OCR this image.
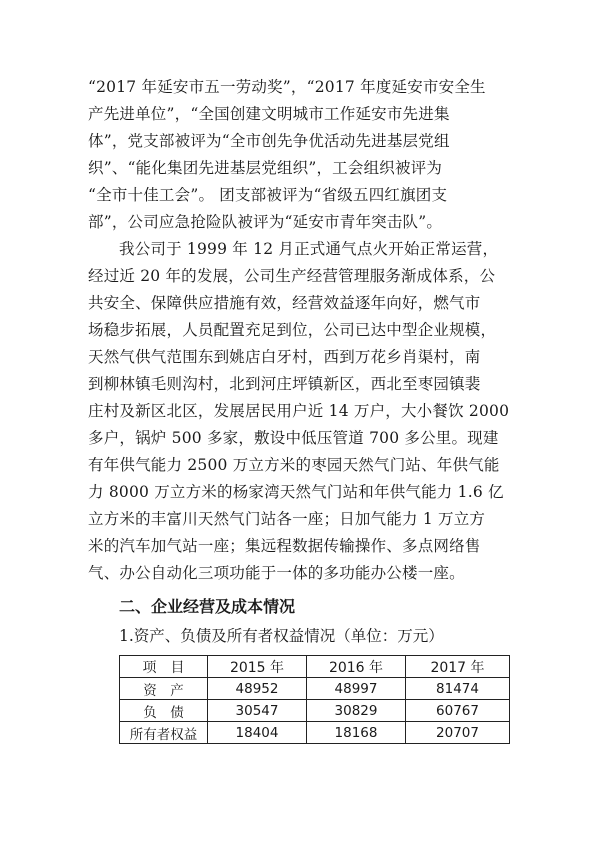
“2017 年延安市五一劳动奖”，“2017 年度延安市安全生
产先进单位”，“全国创建文明城市工作延安市先进集
体”，党支部被评为“全市创先争优活动先进基层党组
织”、“能化集团先进基层党组织”，工会组织被评为
“全市十佳工会”。 团支部被评为“省级五四红旗团支
部”，公司应急抢险队被评为“延安市青年突击队”。
我公司于 1999 年 12 月正式通气点火开始正常运营，
经过近 20 年的发展，公司生产经营管理服务渐成体系，公
共安全、保障供应措施有效，经营效益逐年向好，燃气市
场稳步拓展，人员配置充足到位，公司已达中型企业规模，
天然气供气范围东到姚店白牙村，西到万花乡肖渠村，南
到柳林镇毛则沟村，北到河庄坪镇新区，西北至枣园镇裴
庄村及新区北区，发展居民用户近 14 万户，大小餐饮 2000
多户，锅炉 500 多家，敷设中低压管道 700 多公里。现建
有年供气能力 2500 万立方米的枣园天然气门站、年供气能
力 8000 万立方米的杨家湾天然气门站和年供气能力 1.6 亿
立方米的丰富川天然气门站各一座；日加气能力 1 万立方
米的汽车加气站一座；集远程数据传输操作、多点网络售
气、办公自动化三项功能于一体的多功能办公楼一座。
二、企业经营及成本情况
1.资产、负债及所有者权益情况（单位：万元）
项　目	2015 年	2016 年	2017 年
资　产	48952	48997	81474
负　债	30547	30829	60767
所有者权益	18404	18168	20707
